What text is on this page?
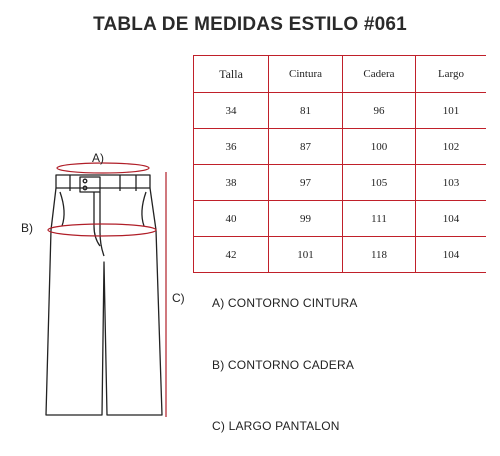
TABLA DE MEDIDAS ESTILO #061
Talla	Cintura	Cadera	Largo
34	81	96	101
36	87	100	102
38	97	105	103
40	99	111	104
42	101	118	104
A)
B)
C) A) CONTORNO CINTURA
B) CONTORNO CADERA
C) LARGO PANTALON
